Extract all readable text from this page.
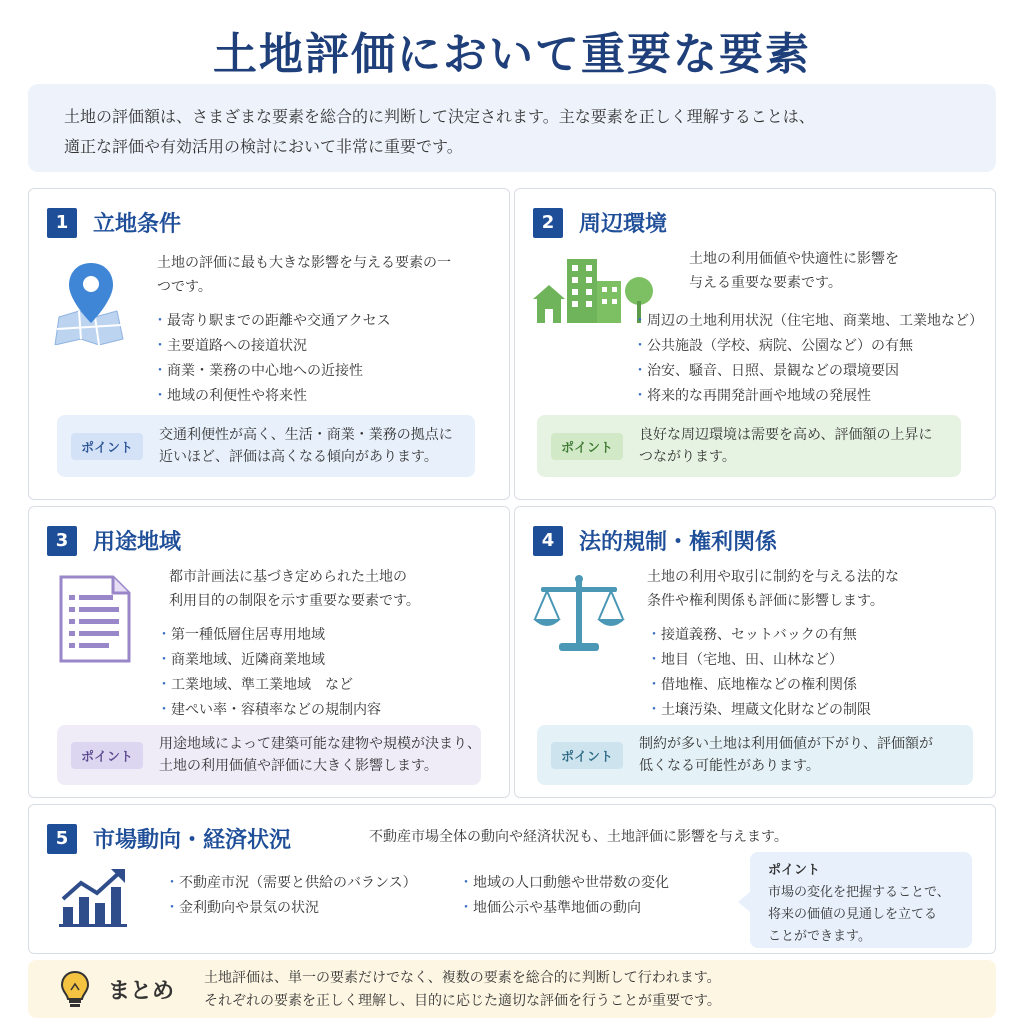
土地評価において重要な要素

土地の評価額は、さまざまな要素を総合的に判断して決定されます。主な要素を正しく理解することは、

適正な評価や有効活用の検討において非常に重要です。

1	立地条件

土地の評価に最も大きな影響を与える要素の一

つです。

・ 最寄り駅までの距離や交通アクセス
・ 主要道路への接道状況
・ 商業・業務の中心地への近接性
・ 地域の利便性や将来性
ポイント

交通利便性が高く、生活・商業・業務の拠点に

近いほど、評価は高くなる傾向があります。

2	周辺環境

土地の利用価値や快適性に影響を

与える重要な要素です。

・ 周辺の土地利用状況（住宅地、商業地、工業地など）
・ 公共施設（学校、病院、公園など）の有無
・ 治安、騒音、日照、景観などの環境要因
・ 将来的な再開発計画や地域の発展性
ポイント

良好な周辺環境は需要を高め、評価額の上昇に

つながります。

3	用途地域

都市計画法に基づき定められた土地の

利用目的の制限を示す重要な要素です。

・ 第一種低層住居専用地域
・ 商業地域、近隣商業地域
・ 工業地域、準工業地域　など
・ 建ぺい率・容積率などの規制内容
ポイント

用途地域によって建築可能な建物や規模が決まり、

土地の利用価値や評価に大きく影響します。

4	法的規制・権利関係

土地の利用や取引に制約を与える法的な

条件や権利関係も評価に影響します。

・ 接道義務、セットバックの有無
・ 地目（宅地、田、山林など）
・ 借地権、底地権などの権利関係
・ 土壌汚染、埋蔵文化財などの制限
ポイント

制約が多い土地は利用価値が下がり、評価額が

低くなる可能性があります。

5	市場動向・経済状況	不動産市場全体の動向や経済状況も、土地評価に影響を与えます。

・ 不動産市況（需要と供給のバランス）
・ 金利動向や景気の状況
・ 地域の人口動態や世帯数の変化
・ 地価公示や基準地価の動向
ポイント

市場の変化を把握することで、

将来の価値の見通しを立てる

ことができます。

まとめ

土地評価は、単一の要素だけでなく、複数の要素を総合的に判断して行われます。

それぞれの要素を正しく理解し、目的に応じた適切な評価を行うことが重要です。
